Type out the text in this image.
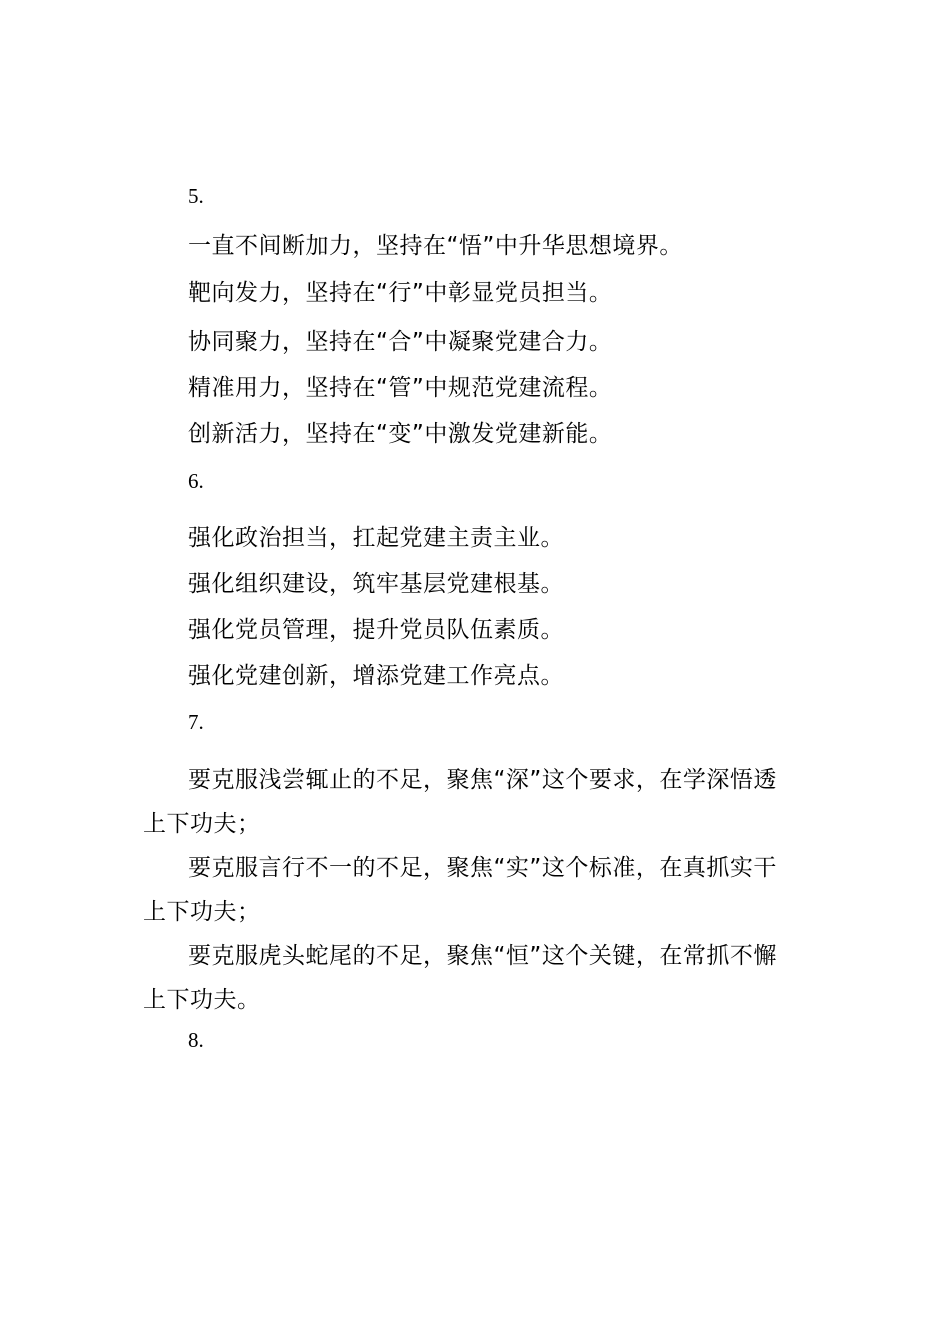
5.

一直不间断加力，坚持在“悟”中升华思想境界。

靶向发力，坚持在“行”中彰显党员担当。

协同聚力，坚持在“合”中凝聚党建合力。

精准用力，坚持在“管”中规范党建流程。

创新活力，坚持在“变”中激发党建新能。

6.

强化政治担当，扛起党建主责主业。

强化组织建设，筑牢基层党建根基。

强化党员管理，提升党员队伍素质。

强化党建创新，增添党建工作亮点。

7.

要克服浅尝辄止的不足，聚焦“深”这个要求，在学深悟透上下功夫；

要克服言行不一的不足，聚焦“实”这个标准，在真抓实干上下功夫；

要克服虎头蛇尾的不足，聚焦“恒”这个关键，在常抓不懈上下功夫。

8.
